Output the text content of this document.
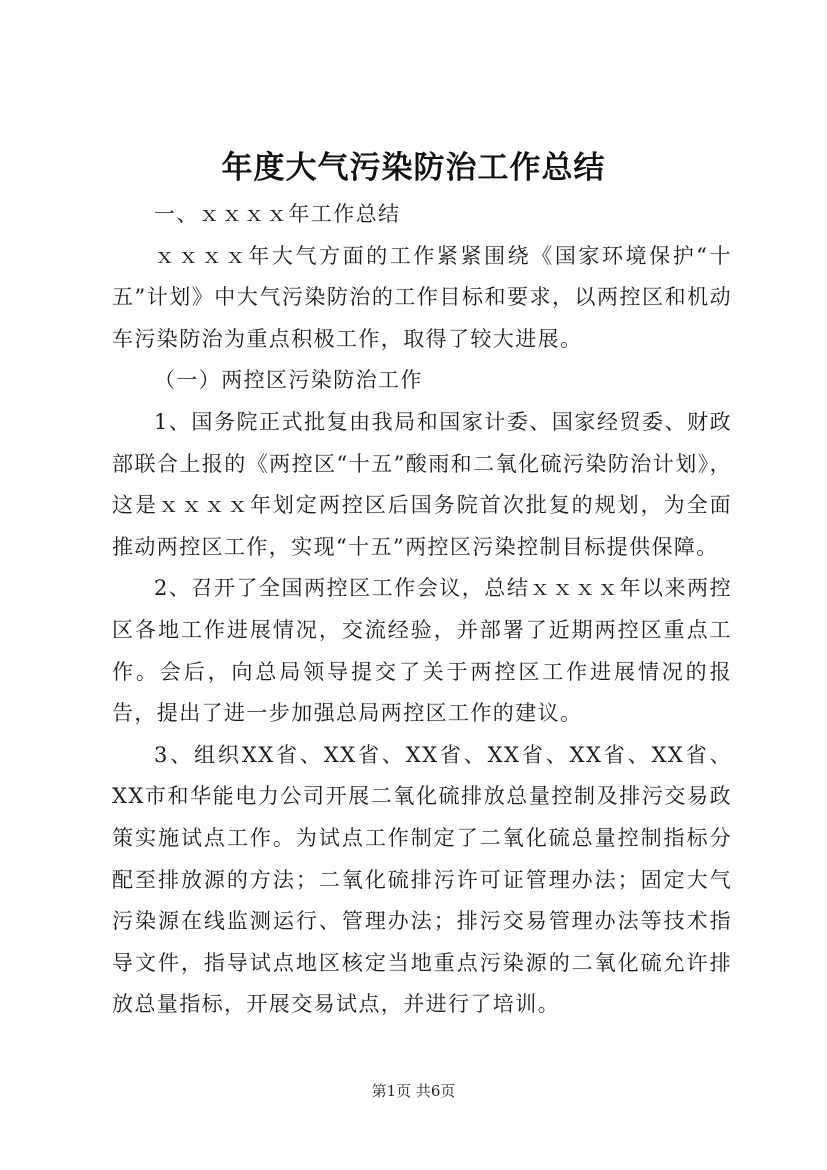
年度大气污染防治工作总结

一、ｘｘｘｘ年工作总结

ｘｘｘｘ年大气方面的工作紧紧围绕《国家环境保护“十五”计划》中大气污染防治的工作目标和要求，以两控区和机动车污染防治为重点积极工作，取得了较大进展。

（一）两控区污染防治工作

1、国务院正式批复由我局和国家计委、国家经贸委、财政部联合上报的《两控区“十五”酸雨和二氧化硫污染防治计划》，这是ｘｘｘｘ年划定两控区后国务院首次批复的规划，为全面推动两控区工作，实现“十五”两控区污染控制目标提供保障。

2、召开了全国两控区工作会议，总结ｘｘｘｘ年以来两控区各地工作进展情况，交流经验，并部署了近期两控区重点工作。会后，向总局领导提交了关于两控区工作进展情况的报告，提出了进一步加强总局两控区工作的建议。

3、组织XX省、XX省、XX省、XX省、XX省、XX省、XX市和华能电力公司开展二氧化硫排放总量控制及排污交易政策实施试点工作。为试点工作制定了二氧化硫总量控制指标分配至排放源的方法；二氧化硫排污许可证管理办法；固定大气污染源在线监测运行、管理办法；排污交易管理办法等技术指导文件，指导试点地区核定当地重点污染源的二氧化硫允许排放总量指标，开展交易试点，并进行了培训。

第1页 共6页
